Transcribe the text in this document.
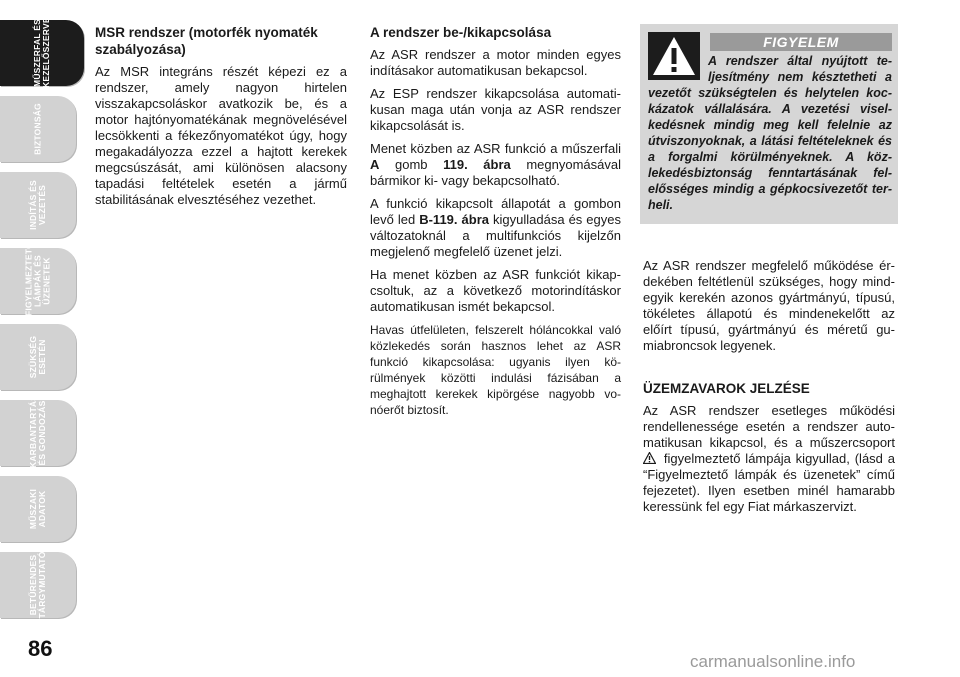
MŰSZERFAL ÉS
KEZELŐSZERVEK
BIZTONSÁG
INDÍTÁS ÉS
VEZETÉS
FIGYELMEZTETŐ
LÁMPÁK ÉS
ÜZENETEK
SZÜKSÉG
ESETÉN
KARBANTARTÁS
ÉS GONDOZÁS
MŰSZAKI
ADATOK
BETŰRENDES
TÁRGYMUTATÓ
86
MSR rendszer (motorfék nyomaték szabályozása)

Az MSR integráns részét képezi ez a rendszer, amely nagyon hirtelen visszakapcsoláskor avatkozik be, és a motor hajtónyomatékának megnövelésével lecsökkenti a fékezőnyomatékot úgy, hogy megakadályozza ezzel a hajtott kerekek megcsúszását, ami különösen alacsony tapadási feltételek esetén a jármű stabilitásának elvesztéséhez vezethet.

A rendszer be-/kikapcsolása

Az ASR rendszer a motor minden egyes indításakor automatikusan bekapcsol.

Az ESP rendszer kikapcsolása automatikusan maga után vonja az ASR rendszer kikapcsolását is.

Menet közben az ASR funkció a műszerfali A gomb 119. ábra megnyomásával bármikor ki- vagy bekapcsolható.

A funkció kikapcsolt állapotát a gombon levő led B-119. ábra kigyulladása és egyes változatoknál a multifunkciós kijelzőn megjelenő megfelelő üzenet jelzi.

Ha menet közben az ASR funkciót kikapcsoltuk, az a következő motorindításkor automatikusan ismét bekapcsol.

Havas útfelületen, felszerelt hóláncokkal való közlekedés során hasznos lehet az ASR funkció kikapcsolása: ugyanis ilyen körülmények közötti indulási fázisában a meghajtott kerekek kipörgése nagyobb vonóerőt biztosít.

FIGYELEM

A rendszer által nyújtott teljesítmény nem késztetheti a vezetőt szükségtelen és helytelen kockázatok vállalására. A vezetési viselkedésnek mindig meg kell felelnie az útviszonyoknak, a látási feltételeknek és a forgalmi körülményeknek. A közlekedésbiztonság fenntartásának felelősséges mindig a gépkocsivezetőt terheli.

Az ASR rendszer megfelelő működése érdekében feltétlenül szükséges, hogy mindegyik kerekén azonos gyártmányú, típusú, tökéletes állapotú és mindenekelőtt az előírt típusú, gyártmányú és méretű gumiabroncsok legyenek.

ÜZEMZAVAROK JELZÉSE

Az ASR rendszer esetleges működési rendellenessége esetén a rendszer automatikusan kikapcsol, és a műszercsoport  figyelmeztető lámpája kigyullad, (lásd a “Figyelmeztető lámpák és üzenetek” című fejezetet). Ilyen esetben minél hamarabb keressünk fel egy Fiat márkaszervizt.

carmanualsonline.info
